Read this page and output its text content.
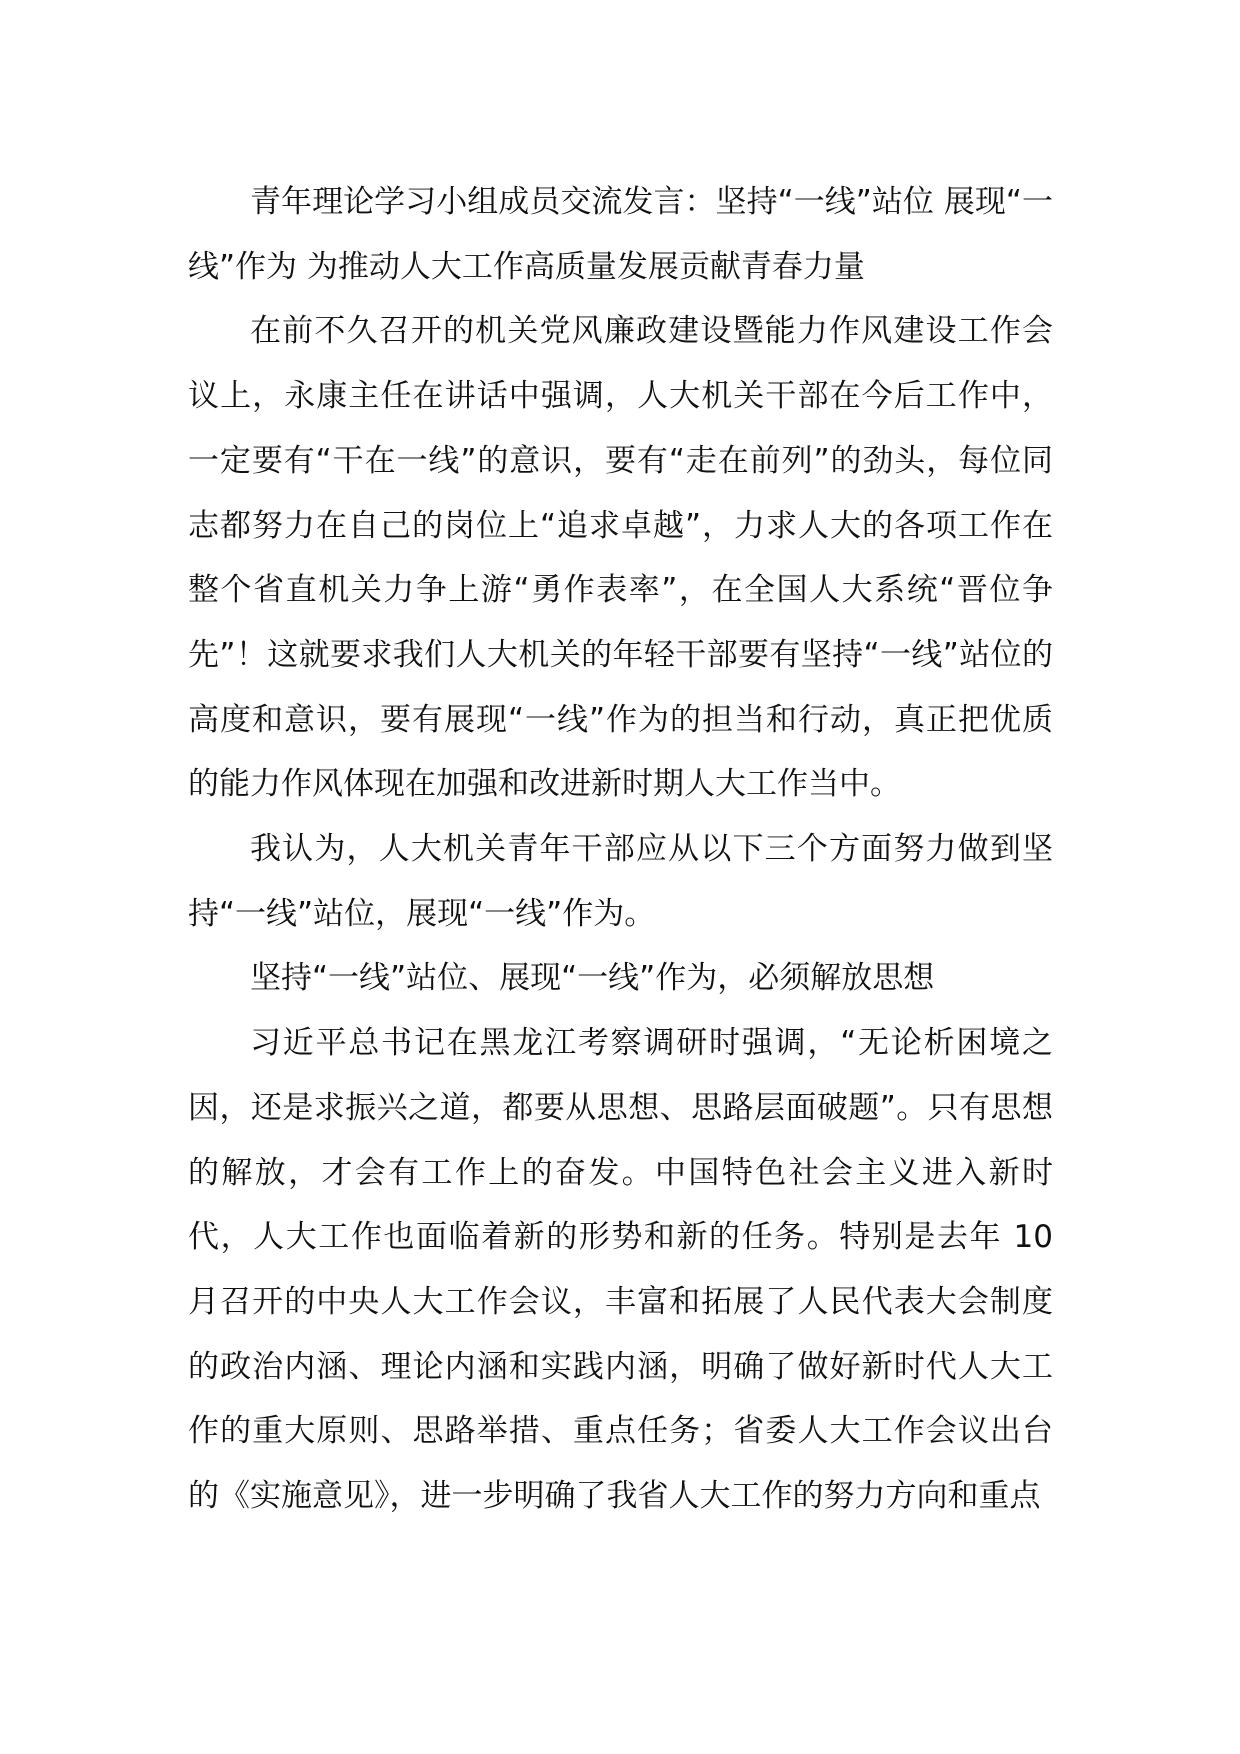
青年理论学习小组成员交流发言：坚持“一线”站位 展现“一线”作为 为推动人大工作高质量发展贡献青春力量

在前不久召开的机关党风廉政建设暨能力作风建设工作会议上，永康主任在讲话中强调，人大机关干部在今后工作中，一定要有“干在一线”的意识，要有“走在前列”的劲头，每位同志都努力在自己的岗位上“追求卓越”，力求人大的各项工作在整个省直机关力争上游“勇作表率”，在全国人大系统“晋位争先”！这就要求我们人大机关的年轻干部要有坚持“一线”站位的高度和意识，要有展现“一线”作为的担当和行动，真正把优质的能力作风体现在加强和改进新时期人大工作当中。

我认为，人大机关青年干部应从以下三个方面努力做到坚持“一线”站位，展现“一线”作为。

坚持“一线”站位、展现“一线”作为，必须解放思想

习近平总书记在黑龙江考察调研时强调，“无论析困境之因，还是求振兴之道，都要从思想、思路层面破题”。只有思想的解放，才会有工作上的奋发。中国特色社会主义进入新时代，人大工作也面临着新的形势和新的任务。特别是去年 10 月召开的中央人大工作会议，丰富和拓展了人民代表大会制度的政治内涵、理论内涵和实践内涵，明确了做好新时代人大工作的重大原则、思路举措、重点任务；省委人大工作会议出台的《实施意见》，进一步明确了我省人大工作的努力方向和重点
